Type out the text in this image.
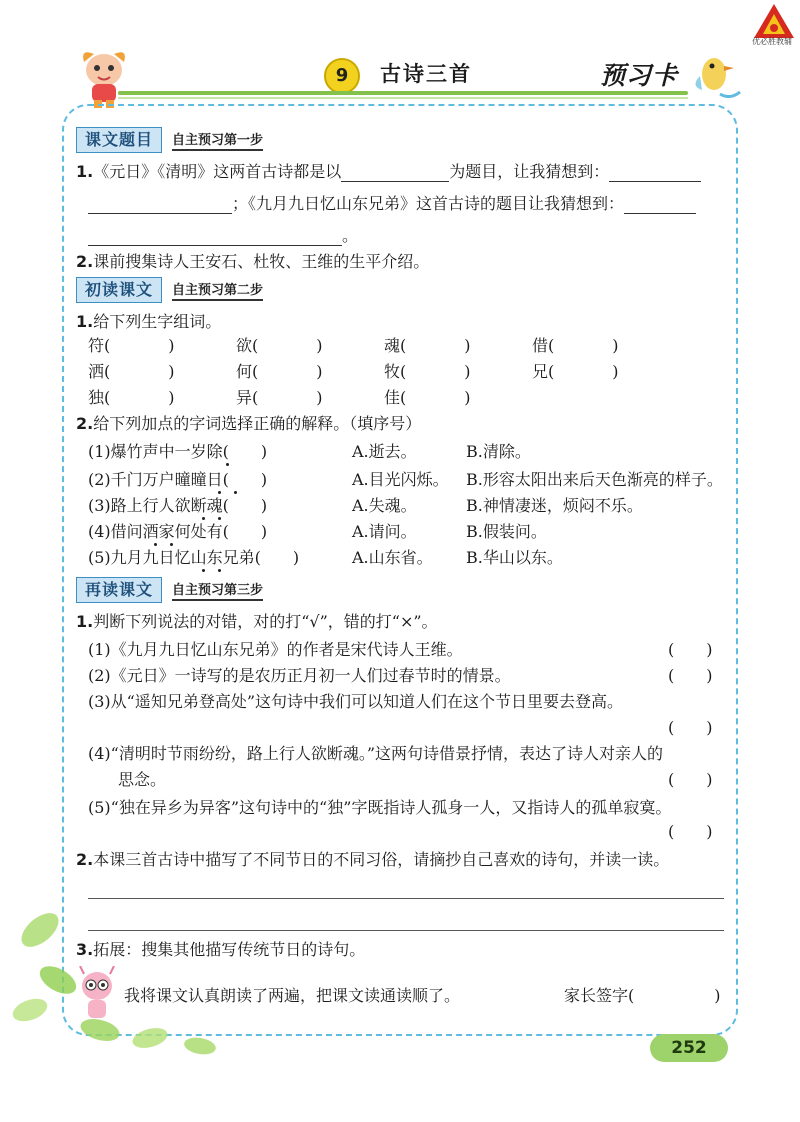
优必胜教辅
9	古诗三首	预习卡
课文题目	自主预习第一步
1.《元日》《清明》这两首古诗都是以	为题目，让我猜想到：
；《九月九日忆山东兄弟》这首古诗的题目让我猜想到：
。
2.课前搜集诗人王安石、杜牧、王维的生平介绍。
初读课文	自主预习第二步
1.给下列生字组词。
符(	)	欲(	)	魂(	)	借(	)
洒(	)	何(	)	牧(	)	兄(	)
独(	)	异(	)	佳(	)
2.给下列加点的字词选择正确的解释。（填序号）
(1)爆竹声中一岁除(　　)	A.逝去。	B.清除。
(2)千门万户曈曈日(　　)	A.目光闪烁。 B.形容太阳出来后天色渐亮的样子。
(3)路上行人欲断魂(　　)	A.失魂。	B.神情凄迷，烦闷不乐。
(4)借问酒家何处有(　　)	A.请问。	B.假装问。
(5)九月九日忆山东兄弟(　　)	A.山东省。 B.华山以东。
再读课文	自主预习第三步
1.判断下列说法的对错，对的打“√”，错的打“×”。
(1)《九月九日忆山东兄弟》的作者是宋代诗人王维。	(　　)
(2)《元日》一诗写的是农历正月初一人们过春节时的情景。	(　　)
(3)从“遥知兄弟登高处”这句诗中我们可以知道人们在这个节日里要去登高。
(　　)
(4)“清明时节雨纷纷，路上行人欲断魂。”这两句诗借景抒情，表达了诗人对亲人的
思念。	(　　)
(5)“独在异乡为异客”这句诗中的“独”字既指诗人孤身一人，又指诗人的孤单寂寞。
(　　)
2.本课三首古诗中描写了不同节日的不同习俗，请摘抄自己喜欢的诗句，并读一读。
3.拓展：搜集其他描写传统节日的诗句。
我将课文认真朗读了两遍，把课文读通读顺了。	家长签字(　　　　　)
252
